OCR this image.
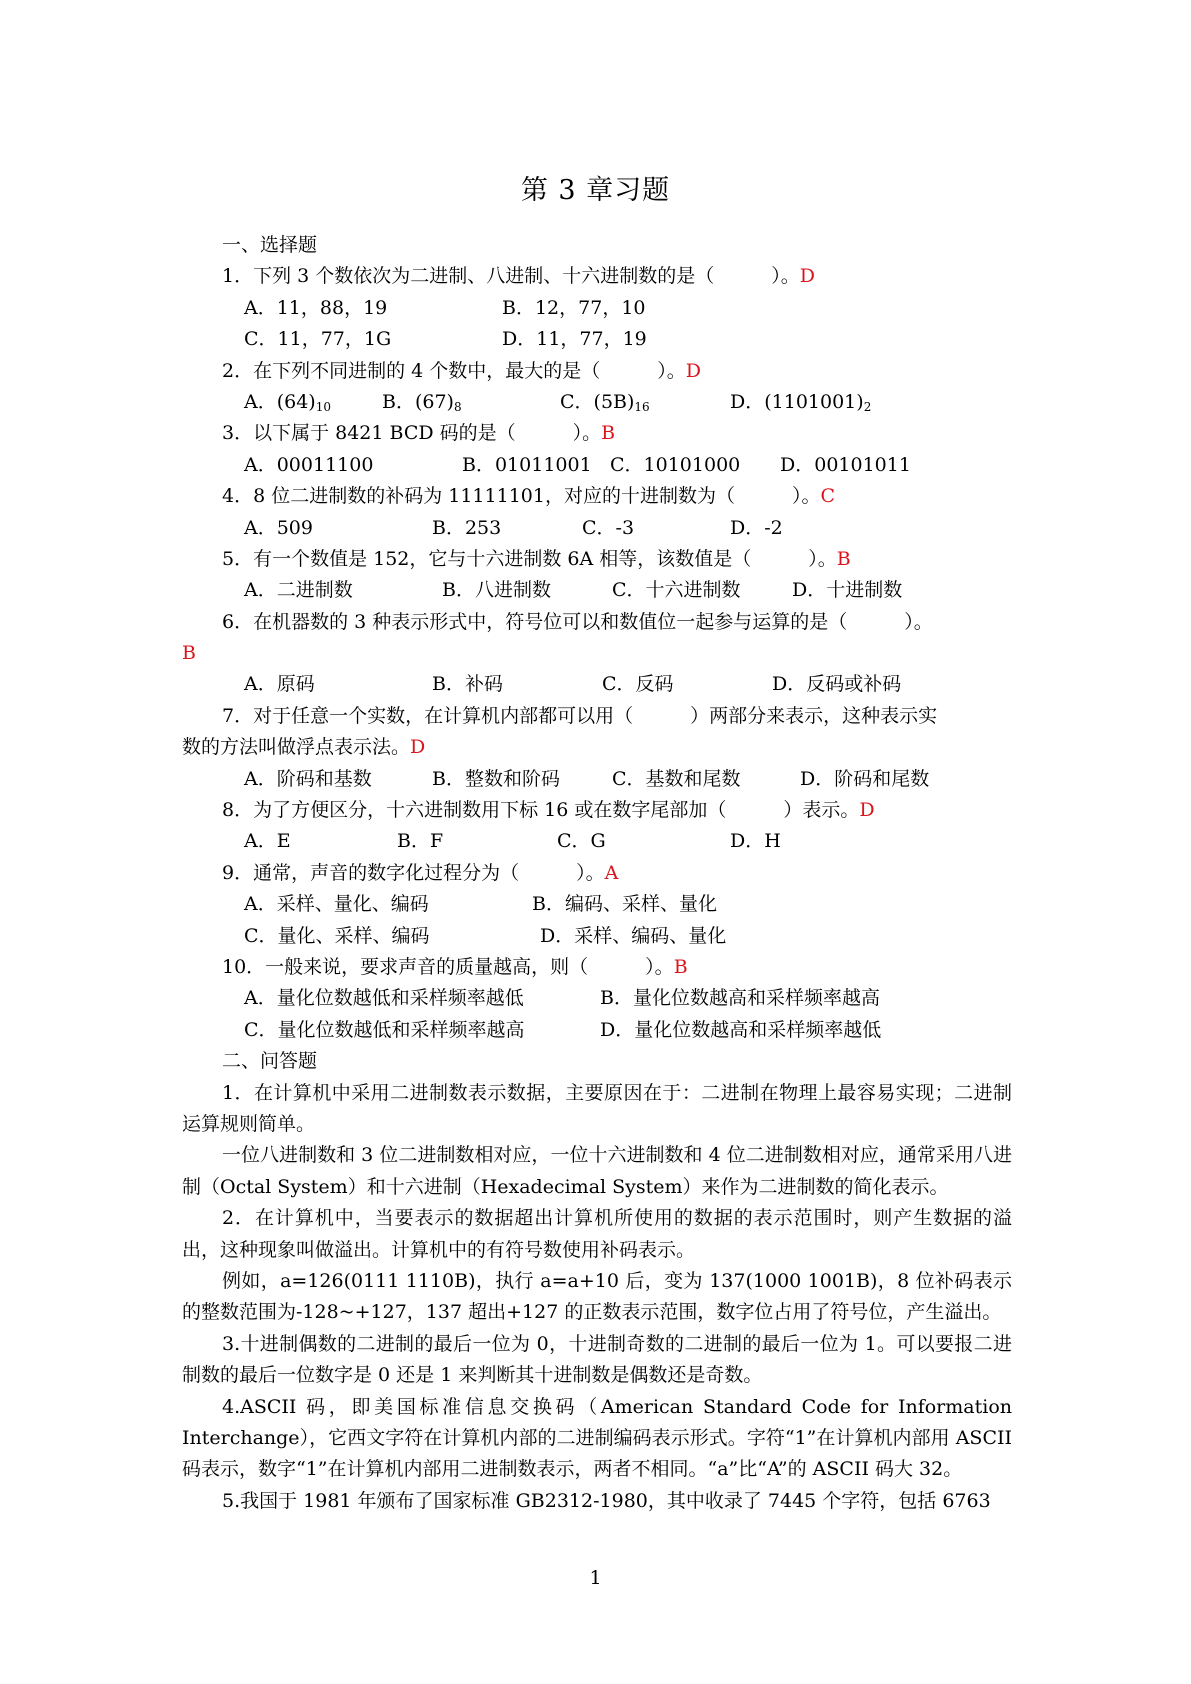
第 3 章习题
一、选择题
1．下列 3 个数依次为二进制、八进制、十六进制数的是（　　　）。D
A．11，88，19	B．12，77，10
C．11，77，1G	D．11，77，19
2．在下列不同进制的 4 个数中，最大的是（　　　）。D
A．$(64)_{10}$	B．$(67)_8$	C．$(5B)_{16}$	D．$(1101001)_2$
3．以下属于 8421 BCD 码的是（　　　）。B
A．00011100	B．01011001 C．10101000 D．00101011
4．8 位二进制数的补码为 11111101，对应的十进制数为（　　　）。C
A．509	B．253	C．-3	D．-2
5．有一个数值是 152，它与十六进制数 6A 相等，该数值是（　　　）。B
A．二进制数	B．八进制数	C．十六进制数	D．十进制数
6．在机器数的 3 种表示形式中，符号位可以和数值位一起参与运算的是（　　　）。
B
A．原码	B．补码	C．反码	D．反码或补码
7．对于任意一个实数，在计算机内部都可以用（　　　）两部分来表示，这种表示实
数的方法叫做浮点表示法。D
A．阶码和基数	B．整数和阶码	C．基数和尾数	D．阶码和尾数
8．为了方便区分，十六进制数用下标 16 或在数字尾部加（　　　）表示。D
A．E	B．F	C．G	D．H
9．通常，声音的数字化过程分为（　　　）。A
A．采样、量化、编码	B．编码、采样、量化
C．量化、采样、编码	D．采样、编码、量化
10．一般来说，要求声音的质量越高，则（　　　）。B
A．量化位数越低和采样频率越低	B．量化位数越高和采样频率越高
C．量化位数越低和采样频率越高	D．量化位数越高和采样频率越低
二、问答题
1．在计算机中采用二进制数表示数据，主要原因在于：二进制在物理上最容易实现；二进制运算规则简单。
一位八进制数和 3 位二进制数相对应，一位十六进制数和 4 位二进制数相对应，通常采用八进制（Octal System）和十六进制（Hexadecimal System）来作为二进制数的简化表示。
2．在计算机中，当要表示的数据超出计算机所使用的数据的表示范围时，则产生数据的溢出，这种现象叫做溢出。计算机中的有符号数使用补码表示。
例如，a=126(0111 1110B)，执行 a=a+10 后，变为 137(1000 1001B)，8 位补码表示的整数范围为-128~+127，137 超出+127 的正数表示范围，数字位占用了符号位，产生溢出。
3.十进制偶数的二进制的最后一位为 0，十进制奇数的二进制的最后一位为 1。可以要报二进制数的最后一位数字是 0 还是 1 来判断其十进制数是偶数还是奇数。
4.ASCII 码，即美国标准信息交换码（American Standard Code for Information Interchange），它西文字符在计算机内部的二进制编码表示形式。字符“1”在计算机内部用 ASCII 码表示，数字“1”在计算机内部用二进制数表示，两者不相同。“a”比“A”的 ASCII 码大 32。
5.我国于 1981 年颁布了国家标准 GB2312-1980，其中收录了 7445 个字符，包括 6763
1
